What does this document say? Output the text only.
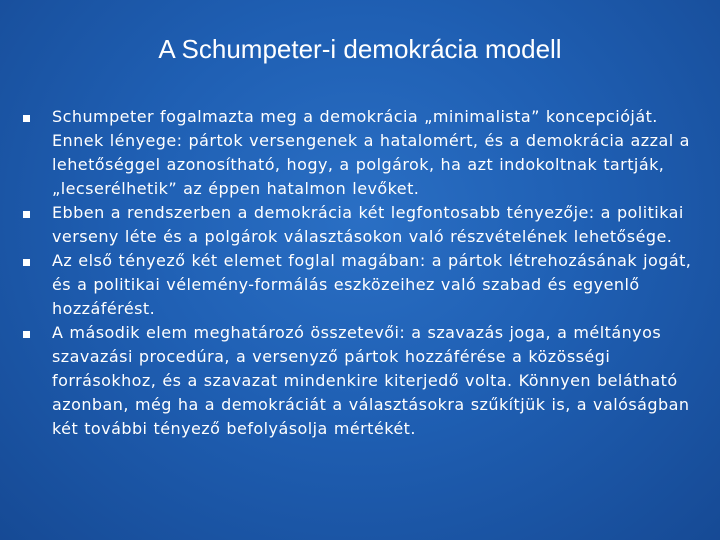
A Schumpeter-i demokrácia modell
Schumpeter fogalmazta meg a demokrácia „minimalista” koncepcióját. Ennek lényege: pártok versengenek a hatalomért, és a demokrácia azzal a lehetőséggel azonosítható, hogy, a polgárok, ha azt indokoltnak tartják, „lecserélhetik” az éppen hatalmon levőket.
Ebben a rendszerben a demokrácia két legfontosabb tényezője: a politikai verseny léte és a polgárok választásokon való részvételének lehetősége.
Az első tényező két elemet foglal magában: a pártok létrehozásának jogát, és a politikai vélemény-formálás eszközeihez való szabad és egyenlő hozzáférést.
A második elem meghatározó összetevői: a szavazás joga, a méltányos szavazási procedúra, a versenyző pártok hozzáférése a közösségi forrásokhoz, és a szavazat mindenkire kiterjedő volta. Könnyen belátható azonban, még ha a demokráciát a választásokra szűkítjük is, a valóságban két további tényező befolyásolja mértékét.
